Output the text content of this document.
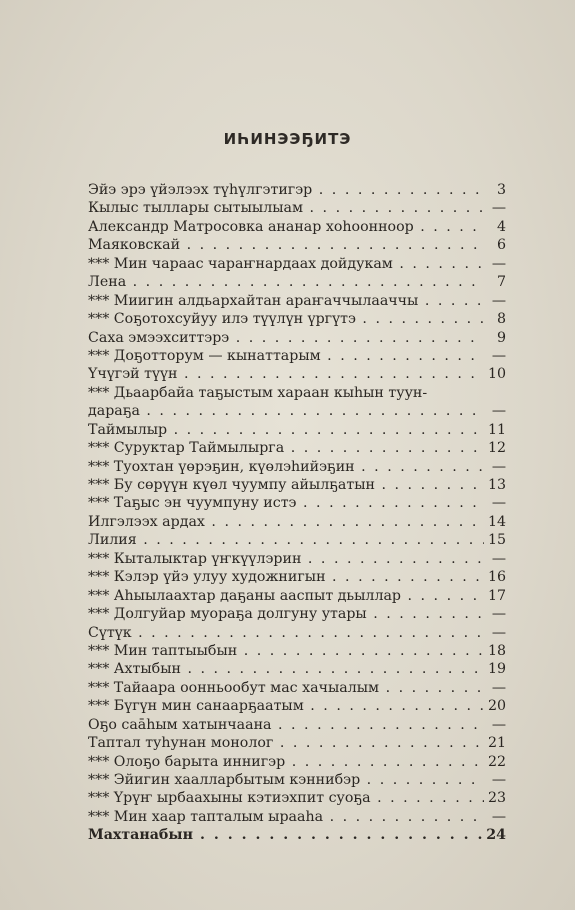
ИҺИНЭЭҔИТЭ
Эйэ эрэ үйэлээх түһүлгэтигэр . . .	3
Кылыс тыллары сытыылыам . . .	—
Александр Матросовка ананар хоһоонноор . . .	4
Маяковскай . . .	6
*** Мин чараас чараҥнардаах дойдукам . . .	—
Лена . . .	7
*** Миигин алдьархайтан араҥаччылааччы . . .	—
*** Соҕотохсуйуу илэ түүлүн үргүтэ . . .	8
Саха эмээхситтэрэ . . .	9
*** Доҕотторум — кынаттарым . . .	—
Үчүгэй түүн . . .	10
*** Дьаарбайа таҕыстым хараан кыһын туун-
дараҕа . . .	—
Таймылыр . . .	11
*** Суруктар Таймылырга . . .	12
*** Туохтан үөрэҕин, күөлэһийэҕин . . .	—
*** Бу сөрүүн күөл чуумпу айылҕатын . . .	13
*** Таҕыс эн чуумпуну истэ . . .	—
Илгэлээх ардах . . .	14
Лилия . . .	15
*** Кыталыктар үҥкүүлэрин . . .	—
*** Кэлэр үйэ улуу художнигын . . .	16
*** Аһыылаахтар даҕаны ааспыт дьыллар . . .	17
*** Долгуйар муораҕа долгуну утары . . .	—
Сүтүк . . .	—
*** Мин таптыыбын . . .	18
*** Ахтыбын . . .	19
*** Тайаара оонньообут мас хачыалым . . .	—
*** Бүгүн мин санаарҕаатым . . .	20
Оҕо саа̄һым хатынчаана . . .	—
Таптал туһунан монолог . . .	21
*** Олоҕо барыта иннигэр . . .	22
*** Эйигин хаалларбытым кэннибэр . . .	—
*** Үрүҥ ырбаахыны кэтиэхпит суоҕа . . .	23
*** Мин хаар тапталым ырааһа . . .	—
Махтанабын . . .	24
